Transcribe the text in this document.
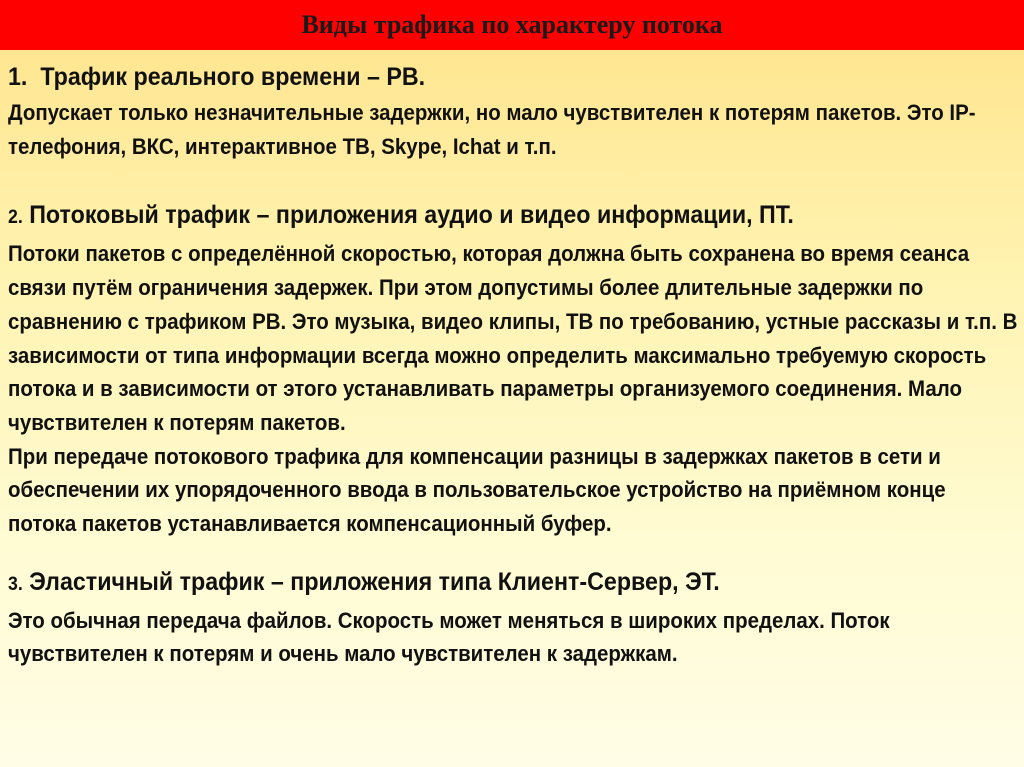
Виды трафика по характеру потока
1. Трафик реального времени – РВ.

Допускает только незначительные задержки, но мало чувствителен к потерям пакетов. Это IP- телефония, ВКС, интерактивное ТВ, Skype, Ichat и т.п.

2. Потоковый трафик – приложения аудио и видео информации, ПТ.

Потоки пакетов с определённой скоростью, которая должна быть сохранена во время сеанса связи путём ограничения задержек. При этом допустимы более длительные задержки по сравнению с трафиком РВ. Это музыка, видео клипы, ТВ по требованию, устные рассказы и т.п. В зависимости от типа информации всегда можно определить максимально требуемую скорость потока и в зависимости от этого устанавливать параметры организуемого соединения. Мало чувствителен к потерям пакетов.

При передаче потокового трафика для компенсации разницы в задержках пакетов в сети и обеспечении их упорядоченного ввода в пользовательское устройство на приёмном конце потока пакетов устанавливается компенсационный буфер.

3. Эластичный трафик – приложения типа Клиент-Сервер, ЭТ.

Это обычная передача файлов. Скорость может меняться в широких пределах. Поток чувствителен к потерям и очень мало чувствителен к задержкам.
